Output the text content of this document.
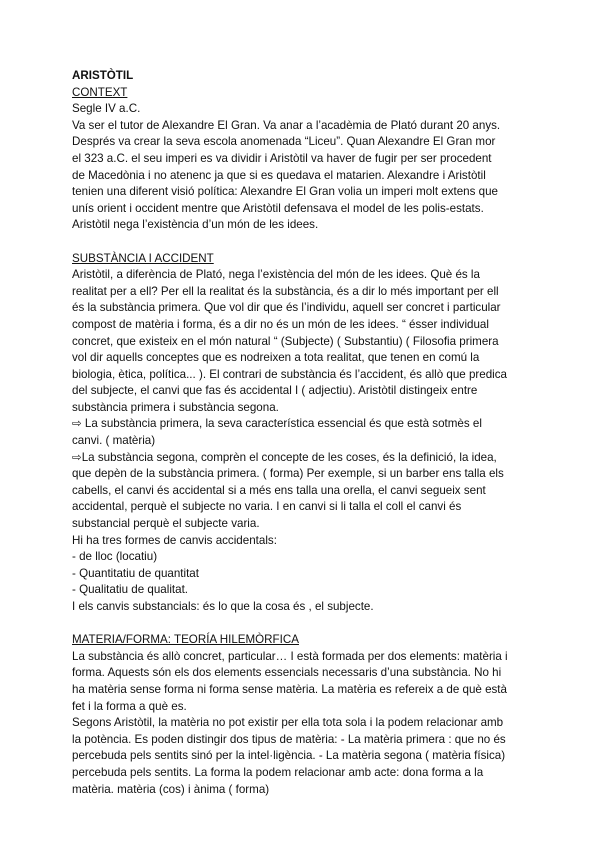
ARISTÒTIL
CONTEXT
Segle IV a.C.
Va ser el tutor de Alexandre El Gran. Va anar a l’acadèmia de Plató durant 20 anys.
Després va crear la seva escola anomenada “Liceu”. Quan Alexandre El Gran mor
el 323 a.C. el seu imperi es va dividir i Aristòtil va haver de fugir per ser procedent
de Macedònia i no atenenc ja que si es quedava el matarien. Alexandre i Aristòtil
tenien una diferent visió política: Alexandre El Gran volia un imperi molt extens que
unís orient i occident mentre que Aristòtil defensava el model de les polis-estats.
Aristòtil nega l’existència d’un món de les idees.
SUBSTÀNCIA I ACCIDENT
Aristòtil, a diferència de Plató, nega l’existència del món de les idees. Què és la
realitat per a ell? Per ell la realitat és la substància, és a dir lo més important per ell
és la substància primera. Que vol dir que és l’individu, aquell ser concret i particular
compost de matèria i forma, és a dir no és un món de les idees. “ ésser individual
concret, que existeix en el món natural “ (Subjecte) ( Substantiu) ( Filosofia primera
vol dir aquells conceptes que es nodreixen a tota realitat, que tenen en comú la
biologia, ètica, política... ). El contrari de substància és l’accident, és allò que predica
del subjecte, el canvi que fas és accidental I ( adjectiu). Aristòtil distingeix entre
substància primera i substància segona.
⇨ La substància primera, la seva característica essencial és que està sotmès el
canvi. ( matèria)
⇨La substància segona, comprèn el concepte de les coses, és la definició, la idea,
que depèn de la substància primera. ( forma) Per exemple, si un barber ens talla els
cabells, el canvi és accidental si a més ens talla una orella, el canvi segueix sent
accidental, perquè el subjecte no varia. I en canvi si li talla el coll el canvi és
substancial perquè el subjecte varia.
Hi ha tres formes de canvis accidentals:
- de lloc (locatiu)
- Quantitatiu de quantitat
- Qualitatiu de qualitat.
I els canvis substancials: és lo que la cosa és , el subjecte.
MATERIA/FORMA: TEORÍA HILEMÒRFICA
La substància és allò concret, particular… I està formada per dos elements: matèria i
forma. Aquests són els dos elements essencials necessaris d’una substància. No hi
ha matèria sense forma ni forma sense matèria. La matèria es refereix a de què està
fet i la forma a què es.
Segons Aristòtil, la matèria no pot existir per ella tota sola i la podem relacionar amb
la potència. Es poden distingir dos tipus de matèria: - La matèria primera : que no és
percebuda pels sentits sinó per la intel·ligència. - La matèria segona ( matèria física)
percebuda pels sentits. La forma la podem relacionar amb acte: dona forma a la
matèria. matèria (cos) i ànima ( forma)
